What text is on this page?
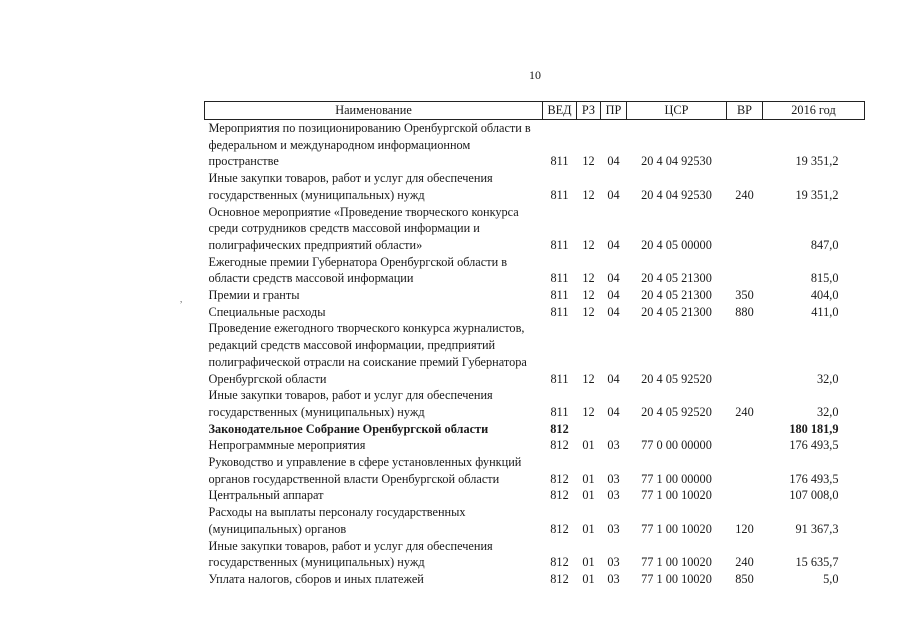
10
,
Наименование	ВЕД	РЗ	ПР	ЦСР	ВР	2016 год
Мероприятия по позиционированию Оренбургской области в федеральном и международном информационном пространстве	811	12	04	20 4 04 92530		19 351,2
Иные закупки товаров, работ и услуг для обеспечения государственных (муниципальных) нужд	811	12	04	20 4 04 92530	240	19 351,2
Основное мероприятие «Проведение творческого конкурса среди сотрудников средств массовой информации и полиграфических предприятий области»	811	12	04	20 4 05 00000		847,0
Ежегодные премии Губернатора Оренбургской области в области средств массовой информации	811	12	04	20 4 05 21300		815,0
Премии и гранты	811	12	04	20 4 05 21300	350	404,0
Специальные расходы	811	12	04	20 4 05 21300	880	411,0
Проведение ежегодного творческого конкурса журналистов, редакций средств массовой информации, предприятий полиграфической отрасли на соискание премий Губернатора Оренбургской области	811	12	04	20 4 05 92520		32,0
Иные закупки товаров, работ и услуг для обеспечения государственных (муниципальных) нужд	811	12	04	20 4 05 92520	240	32,0
Законодательное Собрание Оренбургской области	812					180 181,9
Непрограммные мероприятия	812	01	03	77 0 00 00000		176 493,5
Руководство и управление в сфере установленных функций органов государственной власти Оренбургской области	812	01	03	77 1 00 00000		176 493,5
Центральный аппарат	812	01	03	77 1 00 10020		107 008,0
Расходы на выплаты персоналу государственных (муниципальных) органов	812	01	03	77 1 00 10020	120	91 367,3
Иные закупки товаров, работ и услуг для обеспечения государственных (муниципальных) нужд	812	01	03	77 1 00 10020	240	15 635,7
Уплата налогов, сборов и иных платежей	812	01	03	77 1 00 10020	850	5,0
